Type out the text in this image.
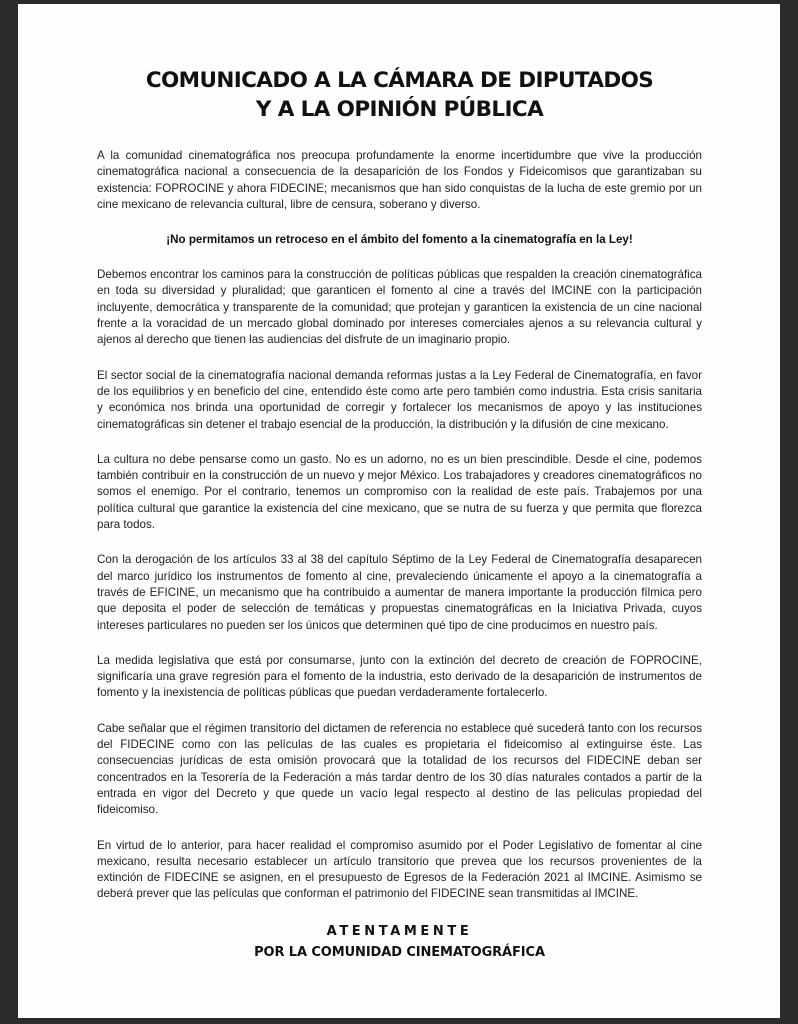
COMUNICADO A LA CÁMARA DE DIPUTADOS
Y A LA OPINIÓN PÚBLICA

A la comunidad cinematográfica nos preocupa profundamente la enorme incertidumbre que vive la producción cinematográfica nacional a consecuencia de la desaparición de los Fondos y Fideicomisos que garantizaban su existencia: FOPROCINE y ahora FIDECINE; mecanismos que han sido conquistas de la lucha de este gremio por un cine mexicano de relevancia cultural, libre de censura, soberano y diverso.

¡No permitamos un retroceso en el ámbito del fomento a la cinematografía en la Ley!

Debemos encontrar los caminos para la construcción de políticas públicas que respalden la creación cinematográfica en toda su diversidad y pluralidad; que garanticen el fomento al cine a través del IMCINE con la participación incluyente, democrática y transparente de la comunidad; que protejan y garanticen la existencia de un cine nacional frente a la voracidad de un mercado global dominado por intereses comerciales ajenos a su relevancia cultural y ajenos al derecho que tienen las audiencias del disfrute de un imaginario propio.

El sector social de la cinematografía nacional demanda reformas justas a la Ley Federal de Cinematografía, en favor de los equilibrios y en beneficio del cine, entendido éste como arte pero también como industria. Esta crisis sanitaria y económica nos brinda una oportunidad de corregir y fortalecer los mecanismos de apoyo y las instituciones cinematográficas sin detener el trabajo esencial de la producción, la distribución y la difusión de cine mexicano.

La cultura no debe pensarse como un gasto. No es un adorno, no es un bien prescindible. Desde el cine, podemos también contribuir en la construcción de un nuevo y mejor México. Los trabajadores y creadores cinematográficos no somos el enemigo. Por el contrario, tenemos un compromiso con la realidad de este país. Trabajemos por una política cultural que garantice la existencia del cine mexicano, que se nutra de su fuerza y que permita que florezca para todos.

Con la derogación de los artículos 33 al 38 del capítulo Séptimo de la Ley Federal de Cinematografía desaparecen del marco jurídico los instrumentos de fomento al cine, prevaleciendo únicamente el apoyo a la cinematografía a través de EFICINE, un mecanismo que ha contribuido a aumentar de manera importante la producción fílmica pero que deposita el poder de selección de temáticas y propuestas cinematográficas en la Iniciativa Privada, cuyos intereses particulares no pueden ser los únicos que determinen qué tipo de cine producimos en nuestro país.

La medida legislativa que está por consumarse, junto con la extinción del decreto de creación de FOPROCINE, significaría una grave regresión para el fomento de la industria, esto derivado de la desaparición de instrumentos de fomento y la inexistencia de políticas públicas que puedan verdaderamente fortalecerlo.

Cabe señalar que el régimen transitorio del dictamen de referencia no establece qué sucederá tanto con los recursos del FIDECINE como con las películas de las cuales es propietaria el fideicomiso al extinguirse éste. Las consecuencias jurídicas de esta omisión provocará que la totalidad de los recursos del FIDECINE deban ser concentrados en la Tesorería de la Federación a más tardar dentro de los 30 días naturales contados a partir de la entrada en vigor del Decreto y que quede un vacío legal respecto al destino de las peliculas propiedad del fideicomiso.

En virtud de lo anterior, para hacer realidad el compromiso asumido por el Poder Legislativo de fomentar al cine mexicano, resulta necesario establecer un artículo transitorio que prevea que los recursos provenientes de la extinción de FIDECINE se asignen, en el presupuesto de Egresos de la Federación 2021 al IMCINE. Asimismo se deberá prever que las películas que conforman el patrimonio del FIDECINE sean transmitidas al IMCINE.

ATENTAMENTE
POR LA COMUNIDAD CINEMATOGRÁFICA
